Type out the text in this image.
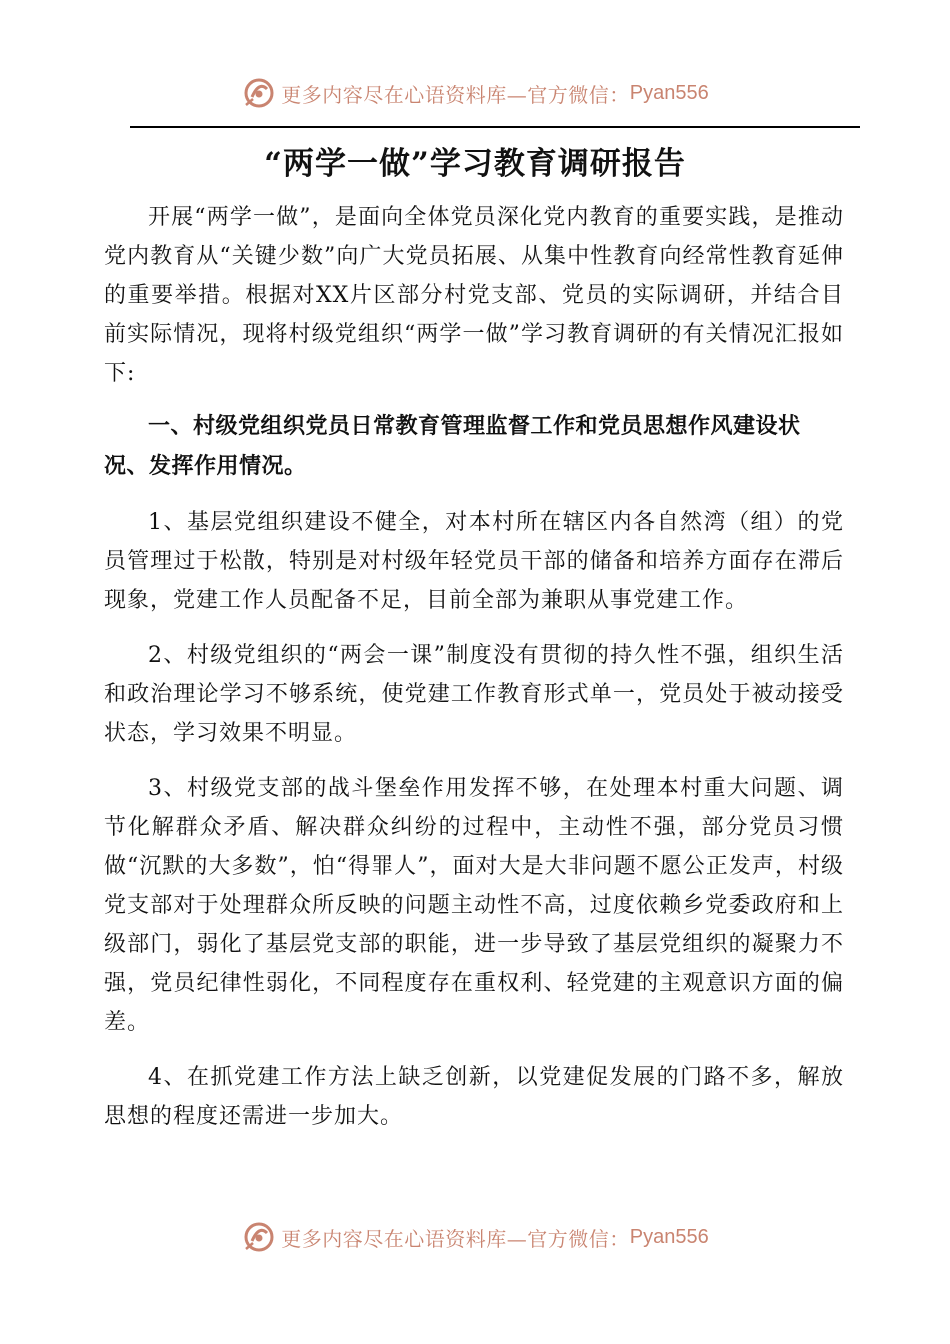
更多内容尽在心语资料库—官方微信： Pyan556
“两学一做”学习教育调研报告

开展“两学一做”，是面向全体党员深化党内教育的重要实践，是推动党内教育从“关键少数”向广大党员拓展、从集中性教育向经常性教育延伸的重要举措。根据对XX片区部分村党支部、党员的实际调研，并结合目前实际情况，现将村级党组织“两学一做”学习教育调研的有关情况汇报如下:

一、村级党组织党员日常教育管理监督工作和党员思想作风建设状况、发挥作用情况。

1、基层党组织建设不健全，对本村所在辖区内各自然湾（组）的党员管理过于松散，特别是对村级年轻党员干部的储备和培养方面存在滞后现象，党建工作人员配备不足，目前全部为兼职从事党建工作。

2、村级党组织的“两会一课”制度没有贯彻的持久性不强，组织生活和政治理论学习不够系统，使党建工作教育形式单一，党员处于被动接受状态，学习效果不明显。

3、村级党支部的战斗堡垒作用发挥不够，在处理本村重大问题、调节化解群众矛盾、解决群众纠纷的过程中，主动性不强，部分党员习惯做“沉默的大多数”，怕“得罪人”，面对大是大非问题不愿公正发声，村级党支部对于处理群众所反映的问题主动性不高，过度依赖乡党委政府和上级部门，弱化了基层党支部的职能，进一步导致了基层党组织的凝聚力不强，党员纪律性弱化，不同程度存在重权利、轻党建的主观意识方面的偏差。

4、在抓党建工作方法上缺乏创新，以党建促发展的门路不多，解放思想的程度还需进一步加大。

更多内容尽在心语资料库—官方微信： Pyan556
